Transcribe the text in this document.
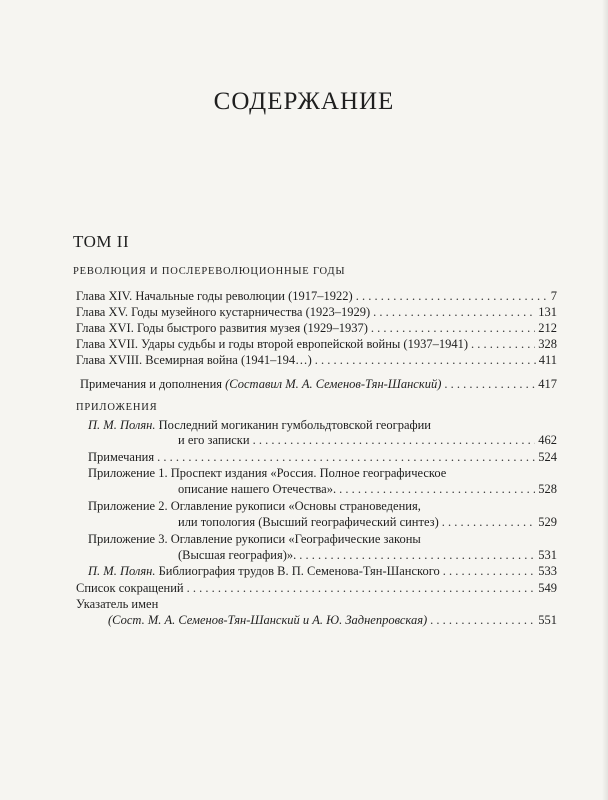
СОДЕРЖАНИЕ
ТОМ II
РЕВОЛЮЦИЯ И ПОСЛЕРЕВОЛЮЦИОННЫЕ ГОДЫ
Глава XIV. Начальные годы революции (1917–1922) . . .	7
Глава XV. Годы музейного кустарничества (1923–1929) . . .	131
Глава XVI. Годы быстрого развития музея (1929–1937) . . .	212
Глава XVII. Удары судьбы и годы второй европейской войны (1937–1941) . . .	328
Глава XVIII. Всемирная война (1941–194…) . . .	411
Примечания и дополнения (Составил М. А. Семенов-Тян-Шанский) . . .	417
ПРИЛОЖЕНИЯ
П. М. Полян. Последний могиканин гумбольдтовской географии
и его записки . . .	462
Примечания . . .	524
Приложение 1. Проспект издания «Россия. Полное географическое
описание нашего Отечества». . . .	528
Приложение 2. Оглавление рукописи «Основы страноведения,
или топология (Высший географический синтез) . . .	529
Приложение 3. Оглавление рукописи «Географические законы
(Высшая география)». . . .	531
П. М. Полян. Библиография трудов В. П. Семенова-Тян-Шанского . . .	533
Список сокращений . . .	549
Указатель имен
(Сост. М. А. Семенов-Тян-Шанский и А. Ю. Заднепровская) . . .	551
